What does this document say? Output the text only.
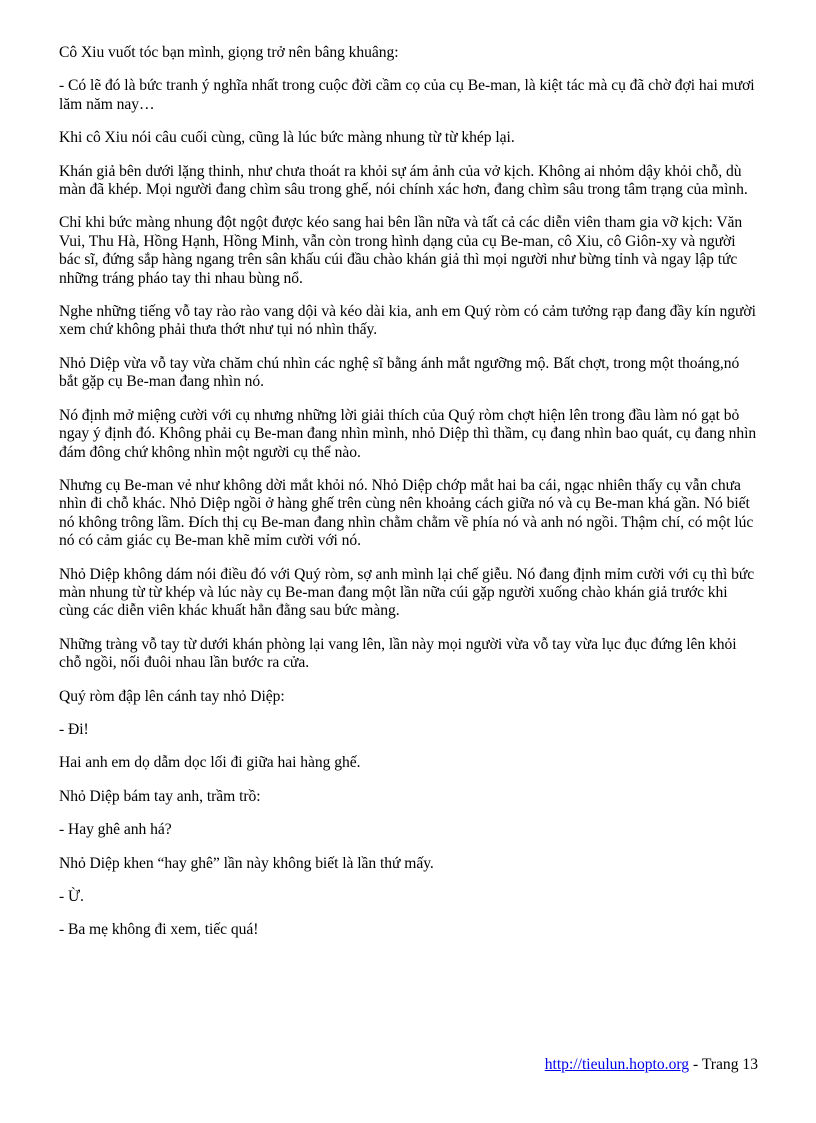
Cô Xiu vuốt tóc bạn mình, giọng trở nên bâng khuâng:

- Có lẽ đó là bức tranh ý nghĩa nhất trong cuộc đời cầm cọ của cụ Be-man, là kiệt tác mà cụ đã chờ đợi hai mươi lăm năm nay…

Khi cô Xiu nói câu cuối cùng, cũng là lúc bức màng nhung từ từ khép lại.

Khán giả bên dưới lặng thinh, như chưa thoát ra khỏi sự ám ảnh của vở kịch. Không ai nhỏm dậy khỏi chỗ, dù màn đã khép. Mọi người đang chìm sâu trong ghế, nói chính xác hơn, đang chìm sâu trong tâm trạng của mình.

Chỉ khi bức màng nhung đột ngột được kéo sang hai bên lần nữa và tất cả các diễn viên tham gia vỡ kịch: Văn Vui, Thu Hà, Hồng Hạnh, Hồng Minh, vẫn còn trong hình dạng của cụ Be-man, cô Xiu, cô Giôn-xy và người bác sĩ, đứng sắp hàng ngang trên sân khấu cúi đầu chào khán giả thì mọi người như bừng tỉnh và ngay lập tức những tráng pháo tay thi nhau bùng nổ.

Nghe những tiếng vỗ tay rào rào vang dội và kéo dài kia, anh em Quý ròm có cảm tưởng rạp đang đầy kín người xem chứ không phải thưa thớt như tụi nó nhìn thấy.

Nhỏ Diệp vừa vỗ tay vừa chăm chú nhìn các nghệ sĩ bằng ánh mắt ngưỡng mộ. Bất chợt, trong một thoáng,nó bắt gặp cụ Be-man đang nhìn nó.

Nó định mở miệng cười với cụ nhưng những lời giải thích của Quý ròm chợt hiện lên trong đầu làm nó gạt bỏ ngay ý định đó. Không phải cụ Be-man đang nhìn mình, nhỏ Diệp thì thầm, cụ đang nhìn bao quát, cụ đang nhìn đám đông chứ không nhìn một người cụ thể nào.

Nhưng cụ Be-man vẻ như không dời mắt khỏi nó. Nhỏ Diệp chớp mắt hai ba cái, ngạc nhiên thấy cụ vẫn chưa nhìn đi chỗ khác. Nhỏ Diệp ngồi ở hàng ghế trên cùng nên khoảng cách giữa nó và cụ Be-man khá gần. Nó biết nó không trông lầm. Đích thị cụ Be-man đang nhìn chằm chằm về phía nó và anh nó ngồi. Thậm chí, có một lúc nó có cảm giác cụ Be-man khẽ mỉm cười với nó.

Nhỏ Diệp không dám nói điều đó với Quý ròm, sợ anh mình lại chế giễu. Nó đang định mỉm cười với cụ thì bức màn nhung từ từ khép và lúc này cụ Be-man đang một lần nữa cúi gặp người xuống chào khán giả trước khi cùng các diễn viên khác khuất hẳn đằng sau bức màng.

Những tràng vỗ tay từ dưới khán phòng lại vang lên, lần này mọi người vừa vỗ tay vừa lục đục đứng lên khỏi chỗ ngồi, nối đuôi nhau lần bước ra cửa.

Quý ròm đập lên cánh tay nhỏ Diệp:

- Đi!

Hai anh em dọ dẫm dọc lối đi giữa hai hàng ghế.

Nhỏ Diệp bám tay anh, trầm trồ:

- Hay ghê anh há?

Nhỏ Diệp khen “hay ghê” lần này không biết là lần thứ mấy.

- Ừ.

- Ba mẹ không đi xem, tiếc quá!

http://tieulun.hopto.org - Trang 13
